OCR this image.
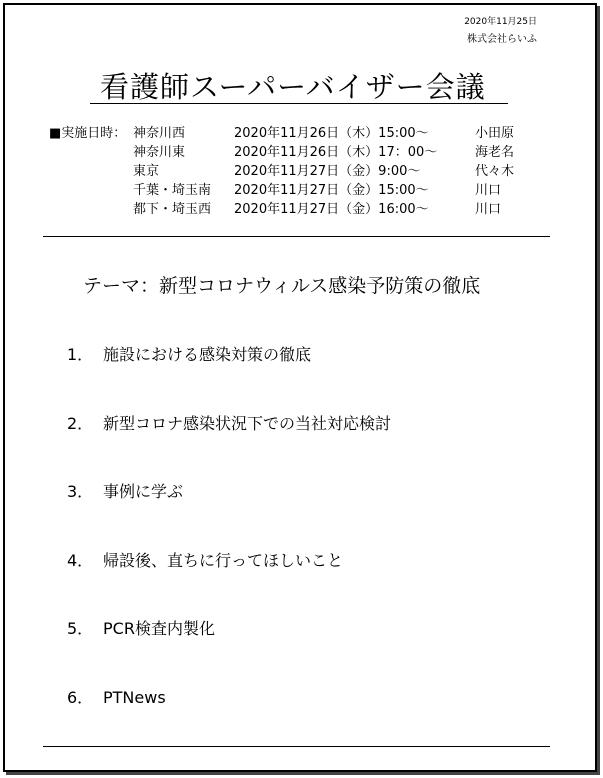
2020年11月25日
株式会社らいふ
看護師スーパーバイザー会議
■実施日時： 神奈川西	2020年11月26日（木）15:00～	小田原
神奈川東	2020年11月26日（木）17：00～	海老名
東京	2020年11月27日（金）9:00～	代々木
千葉・埼玉南 2020年11月27日（金）15:00～	川口
都下・埼玉西 2020年11月27日（金）16:00～	川口
テーマ：新型コロナウィルス感染予防策の徹底
1． 施設における感染対策の徹底
2． 新型コロナ感染状況下での当社対応検討
3． 事例に学ぶ
4． 帰設後、直ちに行ってほしいこと
5． PCR検査内製化
6． PTNews
